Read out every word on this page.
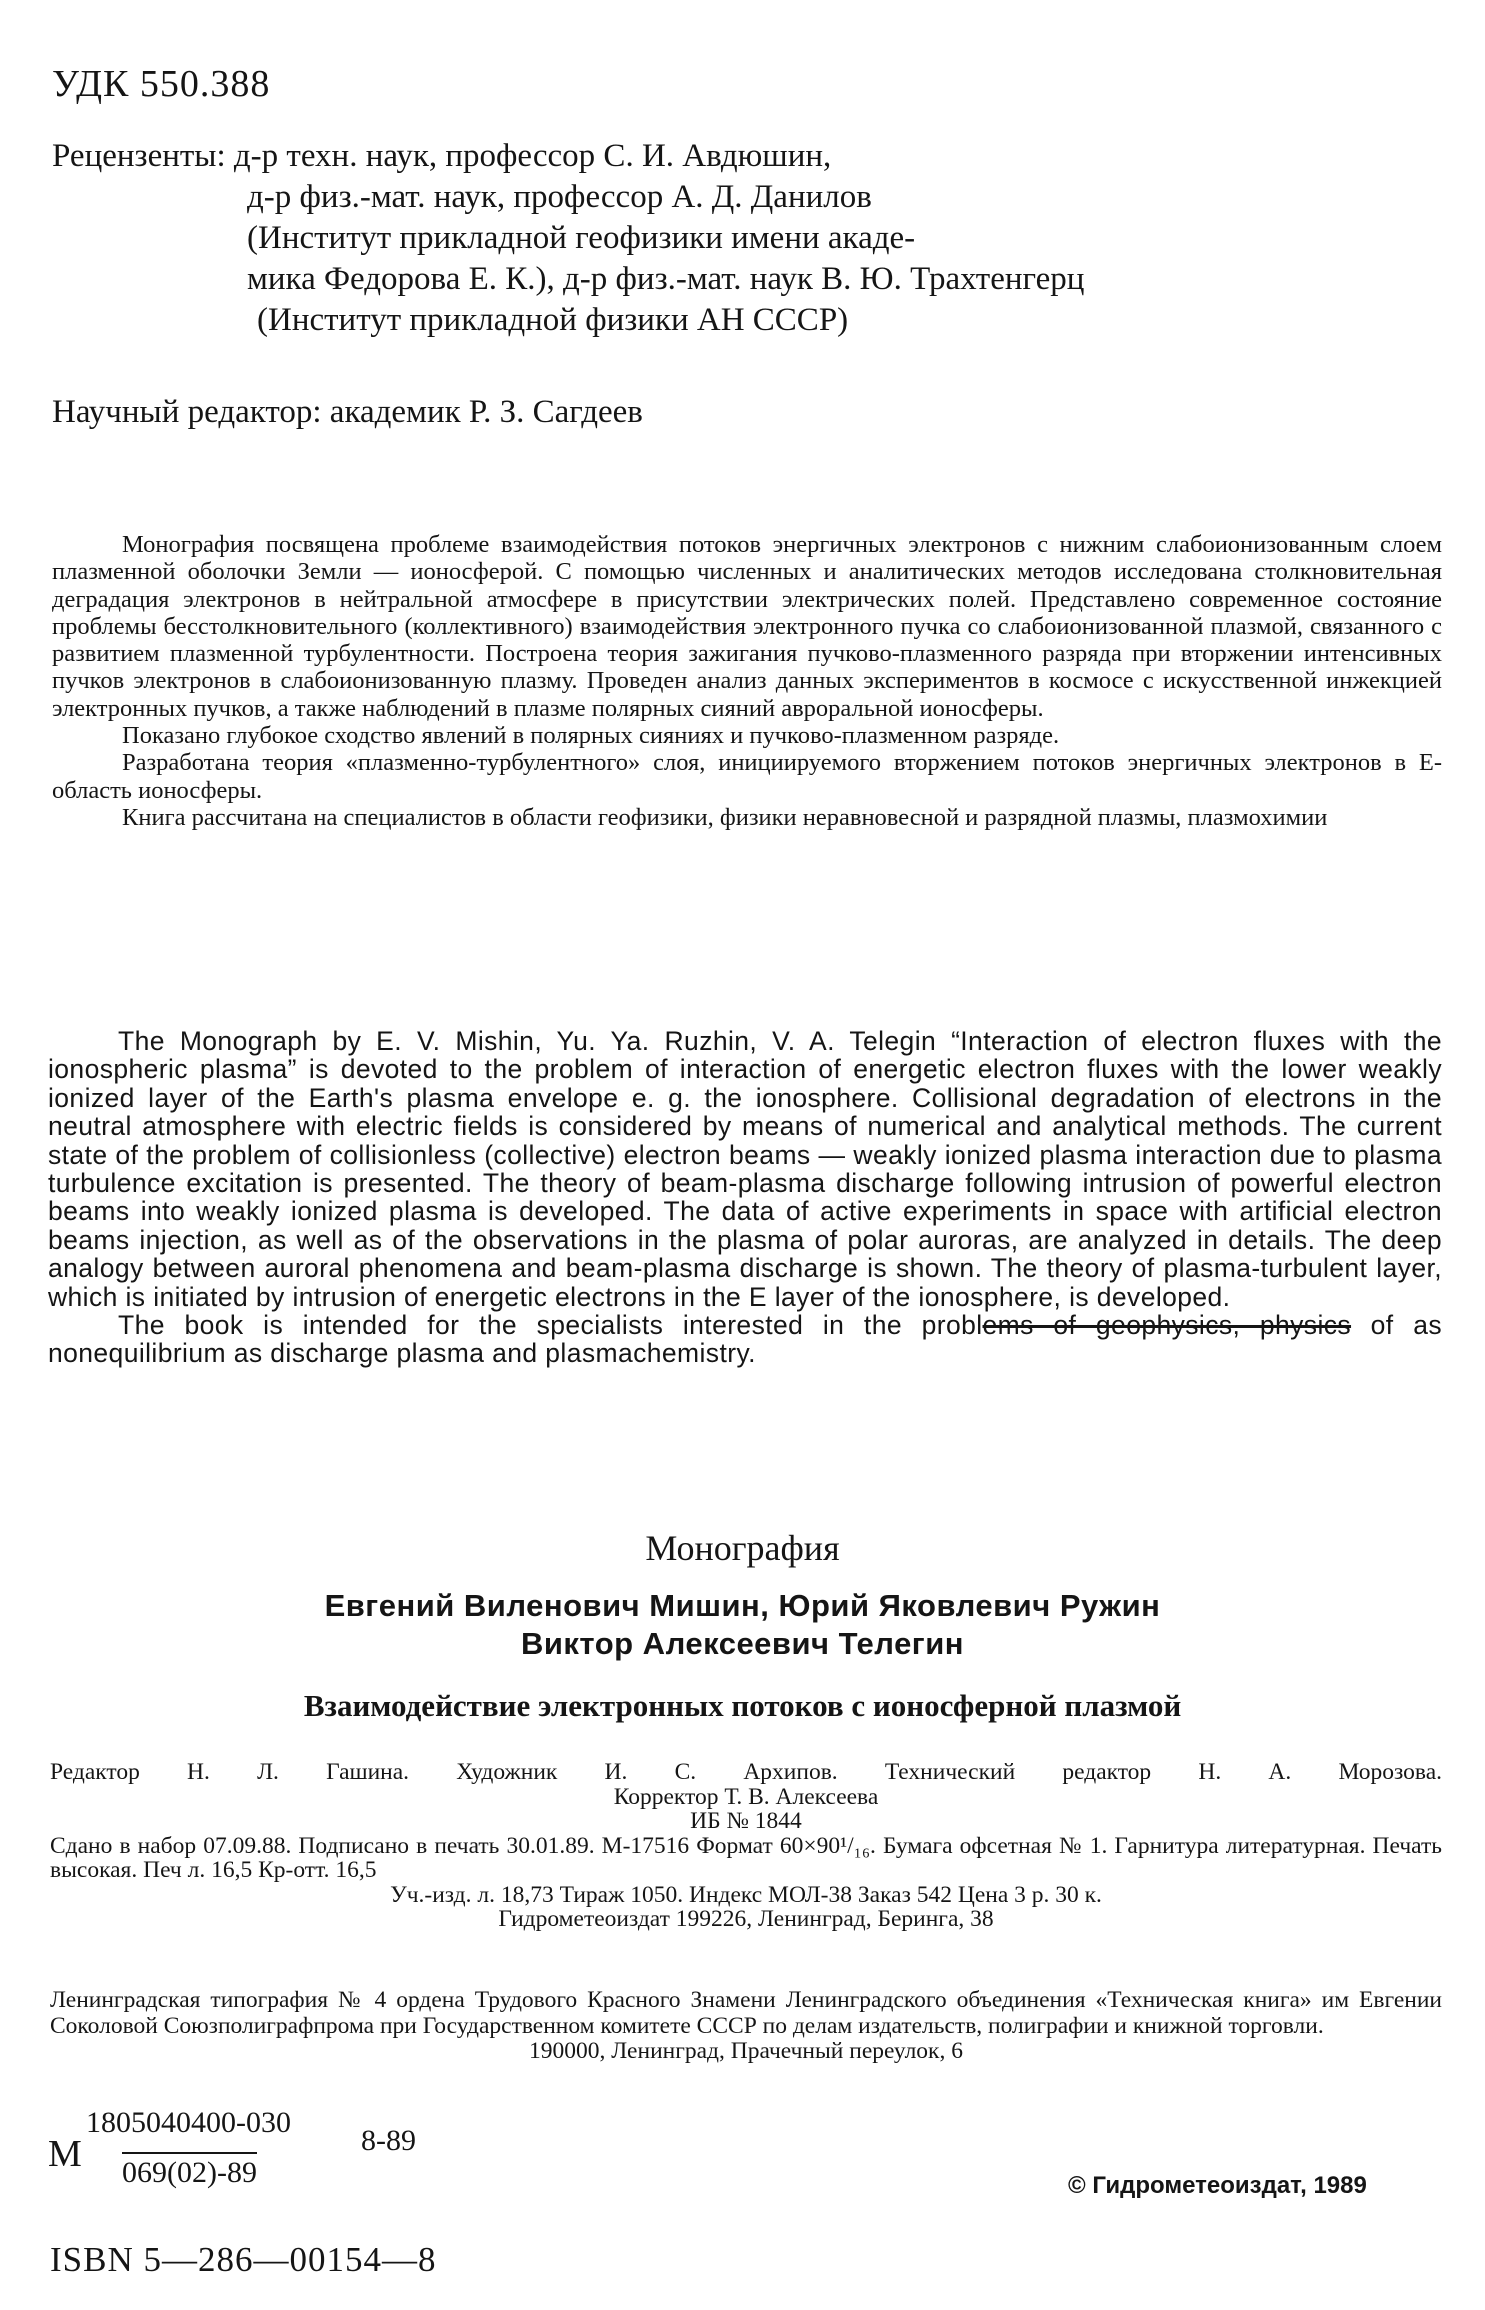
УДК 550.388
Рецензенты: д-р техн. наук, профессор С. И. Авдюшин,
д-р физ.-мат. наук, профессор А. Д. Данилов
(Институт прикладной геофизики имени акаде-
мика Федорова Е. К.), д-р физ.-мат. наук В. Ю. Трахтенгерц
(Институт прикладной физики АН СССР)
Научный редактор: академик Р. З. Сагдеев

Монография посвящена проблеме взаимодействия потоков энергичных электронов с нижним слабоионизованным слоем плазменной оболочки Земли — ионосферой. С помощью численных и аналитических методов исследована столкновительная деградация электронов в нейтральной атмосфере в присутствии электрических полей. Представлено современное состояние проблемы бесстолкновительного (коллективного) взаимодействия электронного пучка со слабоионизованной плазмой, связанного с развитием плазменной турбулентности. Построена теория зажигания пучково-плазменного разряда при вторжении интенсивных пучков электронов в слабоионизованную плазму. Проведен анализ данных экспериментов в космосе с искусственной инжекцией электронных пучков, а также наблюдений в плазме полярных сияний авроральной ионосферы.

Показано глубокое сходство явлений в полярных сияниях и пучково-плазменном разряде.

Разработана теория «плазменно-турбулентного» слоя, инициируемого вторжением потоков энергичных электронов в E-область ионосферы.

Книга рассчитана на специалистов в области геофизики, физики неравновесной и разрядной плазмы, плазмохимии

The Monograph by E. V. Mishin, Yu. Ya. Ruzhin, V. A. Telegin “Interaction of electron fluxes with the ionospheric plasma” is devoted to the problem of interaction of energetic electron fluxes with the lower weakly ionized layer of the Earth's plasma envelope e. g. the ionosphere. Collisional degradation of electrons in the neutral atmosphere with electric fields is considered by means of numerical and analytical methods. The current state of the problem of collisionless (collective) electron beams — weakly ionized plasma interaction due to plasma turbulence excitation is presented. The theory of beam-plasma discharge following intrusion of powerful electron beams into weakly ionized plasma is developed. The data of active experiments in space with artificial electron beams injection, as well as of the observations in the plasma of polar auroras, are analyzed in details. The deep analogy between auroral phenomena and beam-plasma discharge is shown. The theory of plasma-turbulent layer, which is initiated by intrusion of energetic electrons in the E layer of the ionosphere, is developed.

The book is intended for the specialists interested in the problems of geophysics, physics of as nonequilibrium as discharge plasma and plasmachemistry.

Монография
Евгений Виленович Мишин, Юрий Яковлевич Ружин
Виктор Алексеевич Телегин
Взаимодействие электронных потоков с ионосферной плазмой
Редактор Н. Л. Гашина. Художник И. С. Архипов. Технический редактор Н. А. Морозова.
Корректор Т. В. Алексеева
ИБ № 1844
Сдано в набор 07.09.88. Подписано в печать 30.01.89. М-17516 Формат 60×90¹/₁₆. Бумага офсетная № 1. Гарнитура литературная. Печать высокая. Печ л. 16,5 Кр-отт. 16,5
Уч.-изд. л. 18,73 Тираж 1050. Индекс МОЛ-38 Заказ 542 Цена 3 р. 30 к.
Гидрометеоиздат 199226, Ленинград, Беринга, 38
Ленинградская типография № 4 ордена Трудового Красного Знамени Ленинградского объединения «Техническая книга» им Евгении Соколовой Союзполиграфпрома при Государственном комитете СССР по делам издательств, полиграфии и книжной торговли.
190000, Ленинград, Прачечный переулок, 6
М
1805040400-030
069(02)-89
8-89
© Гидрометеоиздат, 1989
ISBN 5—286—00154—8
